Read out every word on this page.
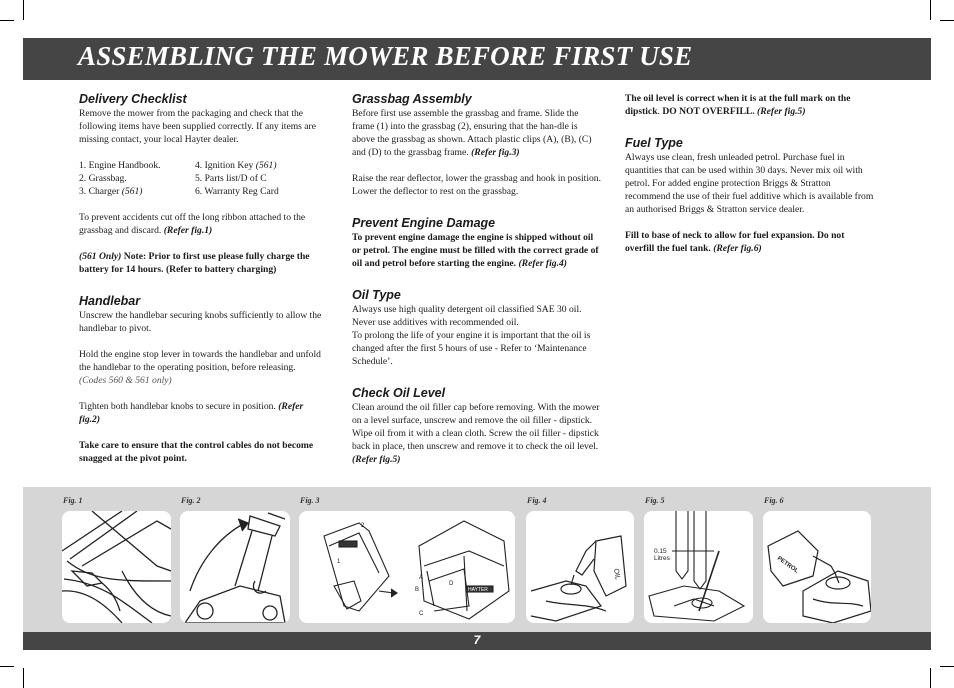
ASSEMBLING THE MOWER BEFORE FIRST USE
Delivery Checklist

Remove the mower from the packaging and check that the following items have been supplied correctly. If any items are missing contact, your local Hayter dealer.

1. Engine Handbook.	4. Ignition Key (561)
2. Grassbag.	5. Parts list/D of C
3. Charger (561)	6. Warranty Reg Card

To prevent accidents cut off the long ribbon attached to the grassbag and discard. (Refer fig.1)

(561 Only) Note: Prior to first use please fully charge the battery for 14 hours. (Refer to battery charging)

Handlebar

Unscrew the handlebar securing knobs sufficiently to allow the handlebar to pivot.

Hold the engine stop lever in towards the handlebar and unfold the handlebar to the operating position, before releasing. (Codes 560 & 561 only)

Tighten both handlebar knobs to secure in position. (Refer fig.2)

Take care to ensure that the control cables do not become snagged at the pivot point.

Grassbag Assembly

Before first use assemble the grassbag and frame. Slide the frame (1) into the grassbag (2), ensuring that the han-dle is above the grassbag as shown. Attach plastic clips (A), (B), (C) and (D) to the grassbag frame. (Refer fig.3)

Raise the rear deflector, lower the grassbag and hook in position. Lower the deflector to rest on the grassbag.

Prevent Engine Damage

To prevent engine damage the engine is shipped without oil or petrol. The engine must be filled with the correct grade of oil and petrol before starting the engine. (Refer fig.4)

Oil Type

Always use high quality detergent oil classified SAE 30 oil. Never use additives with recommended oil.

To prolong the life of your engine it is important that the oil is changed after the first 5 hours of use - Refer to ‘Maintenance Schedule’.

Check Oil Level

Clean around the oil filler cap before removing. With the mower on a level surface, unscrew and remove the oil filler - dipstick. Wipe oil from it with a clean cloth. Screw the oil filler - dipstick back in place, then unscrew and remove it to check the oil level. (Refer fig.5)

The oil level is correct when it is at the full mark on the dipstick. DO NOT OVERFILL. (Refer fig.5)

Fuel Type

Always use clean, fresh unleaded petrol. Purchase fuel in quantities that can be used within 30 days. Never mix oil with petrol. For added engine protection Briggs & Stratton recommend the use of their fuel additive which is available from an authorised Briggs & Stratton service dealer.

Fill to base of neck to allow for fuel expansion. Do not overfill the fuel tank. (Refer fig.6)

Fig. 1	Fig. 2	Fig. 3	Fig. 4	Fig. 5	Fig. 6
2
1
A
B
C
D
HAYTER
OIL
0.15 Litres	PETROL
7
